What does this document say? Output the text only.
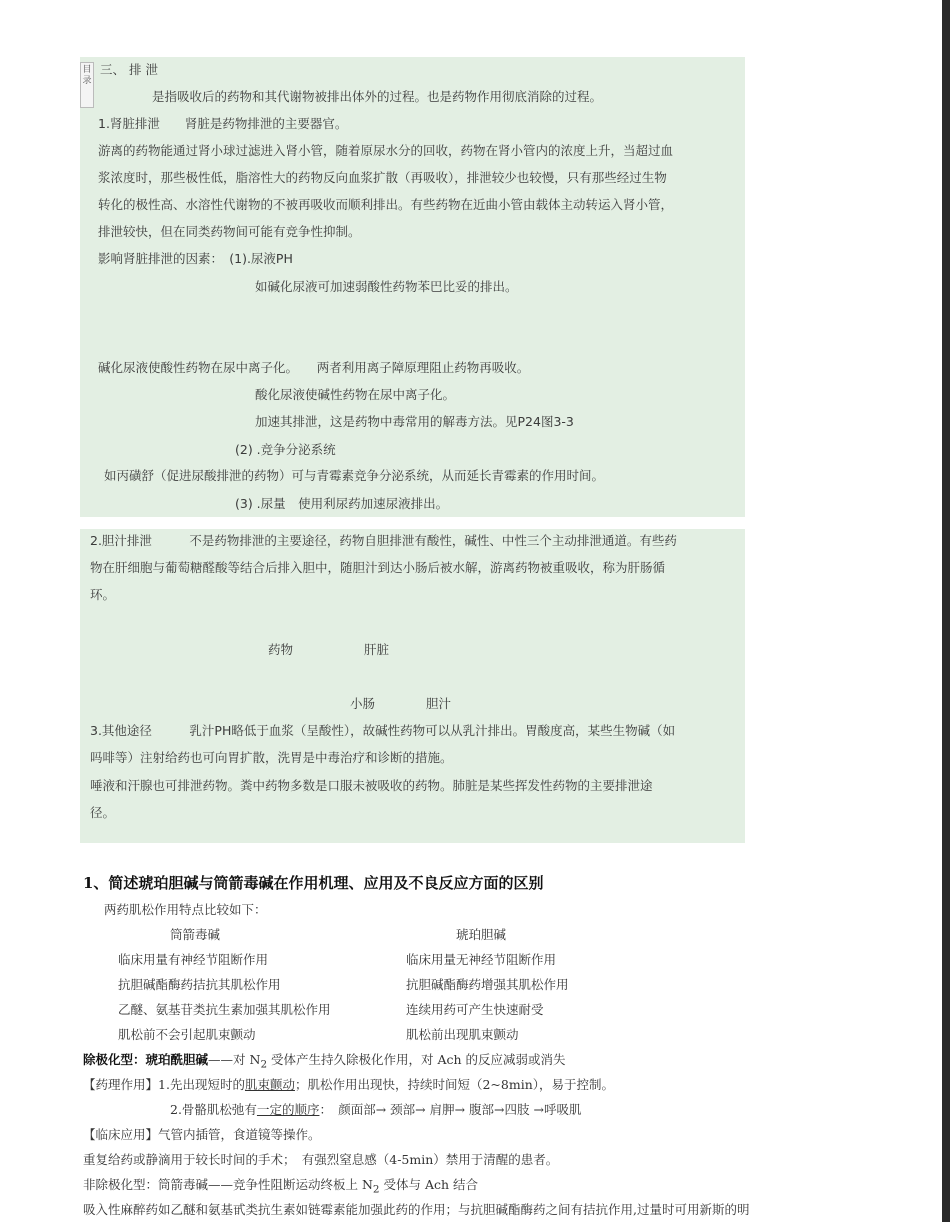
目录
三、 排 泄
是指吸收后的药物和其代谢物被排出体外的过程。也是药物作用彻底消除的过程。
1.肾脏排泄　　肾脏是药物排泄的主要器官。
游离的药物能通过肾小球过滤进入肾小管，随着原尿水分的回收，药物在肾小管内的浓度上升，当超过血
浆浓度时，那些极性低，脂溶性大的药物反向血浆扩散（再吸收），排泄较少也较慢，只有那些经过生物
转化的极性高、水溶性代谢物的不被再吸收而顺利排出。有些药物在近曲小管由载体主动转运入肾小管，
排泄较快，但在同类药物间可能有竞争性抑制。
影响肾脏排泄的因素：　(1).尿液PH
如碱化尿液可加速弱酸性药物苯巴比妥的排出。
碱化尿液使酸性药物在尿中离子化。　　两者利用离子障原理阻止药物再吸收。
酸化尿液使碱性药物在尿中离子化。
加速其排泄，这是药物中毒常用的解毒方法。见P24图3-3
(2) .竞争分泌系统
如丙磺舒（促进尿酸排泄的药物）可与青霉素竞争分泌系统，从而延长青霉素的作用时间。
(3) .尿量　使用利尿药加速尿液排出。
2.胆汁排泄　　　不是药物排泄的主要途径，药物自胆排泄有酸性，碱性、中性三个主动排泄通道。有些药
物在肝细胞与葡萄糖醛酸等结合后排入胆中，随胆汁到达小肠后被水解，游离药物被重吸收，称为肝肠循
环。
药物	肝脏
小肠	胆汁
3.其他途径　　　乳汁PH略低于血浆（呈酸性），故碱性药物可以从乳汁排出。胃酸度高，某些生物碱（如
吗啡等）注射给药也可向胃扩散，洗胃是中毒治疗和诊断的措施。
唾液和汗腺也可排泄药物。粪中药物多数是口服未被吸收的药物。肺脏是某些挥发性药物的主要排泄途
径。
1、简述琥珀胆碱与筒箭毒碱在作用机理、应用及不良反应方面的区别
两药肌松作用特点比较如下：
筒箭毒碱	琥珀胆碱
临床用量有神经节阻断作用	临床用量无神经节阻断作用
抗胆碱酯酶药拮抗其肌松作用	抗胆碱酯酶药增强其肌松作用
乙醚、氨基苷类抗生素加强其肌松作用	连续用药可产生快速耐受
肌松前不会引起肌束颤动	肌松前出现肌束颤动
除极化型：琥珀酰胆碱——对 $N_2$ 受体产生持久除极化作用，对 Ach 的反应减弱或消失
【药理作用】1.先出现短时的肌束颤动；肌松作用出现快，持续时间短（2~8min），易于控制。
2.骨骼肌松弛有一定的顺序：　颜面部→ 颈部→ 肩胛→ 腹部→四肢 →呼吸肌
【临床应用】气管内插管，食道镜等操作。
重复给药或静滴用于较长时间的手术；　有强烈窒息感（4-5min）禁用于清醒的患者。
非除极化型：筒箭毒碱——竞争性阻断运动终板上 $N_2$ 受体与 Ach 结合
吸入性麻醉药如乙醚和氨基甙类抗生素如链霉素能加强此药的作用；与抗胆碱酯酶药之间有拮抗作用,过量时可用新斯的明
